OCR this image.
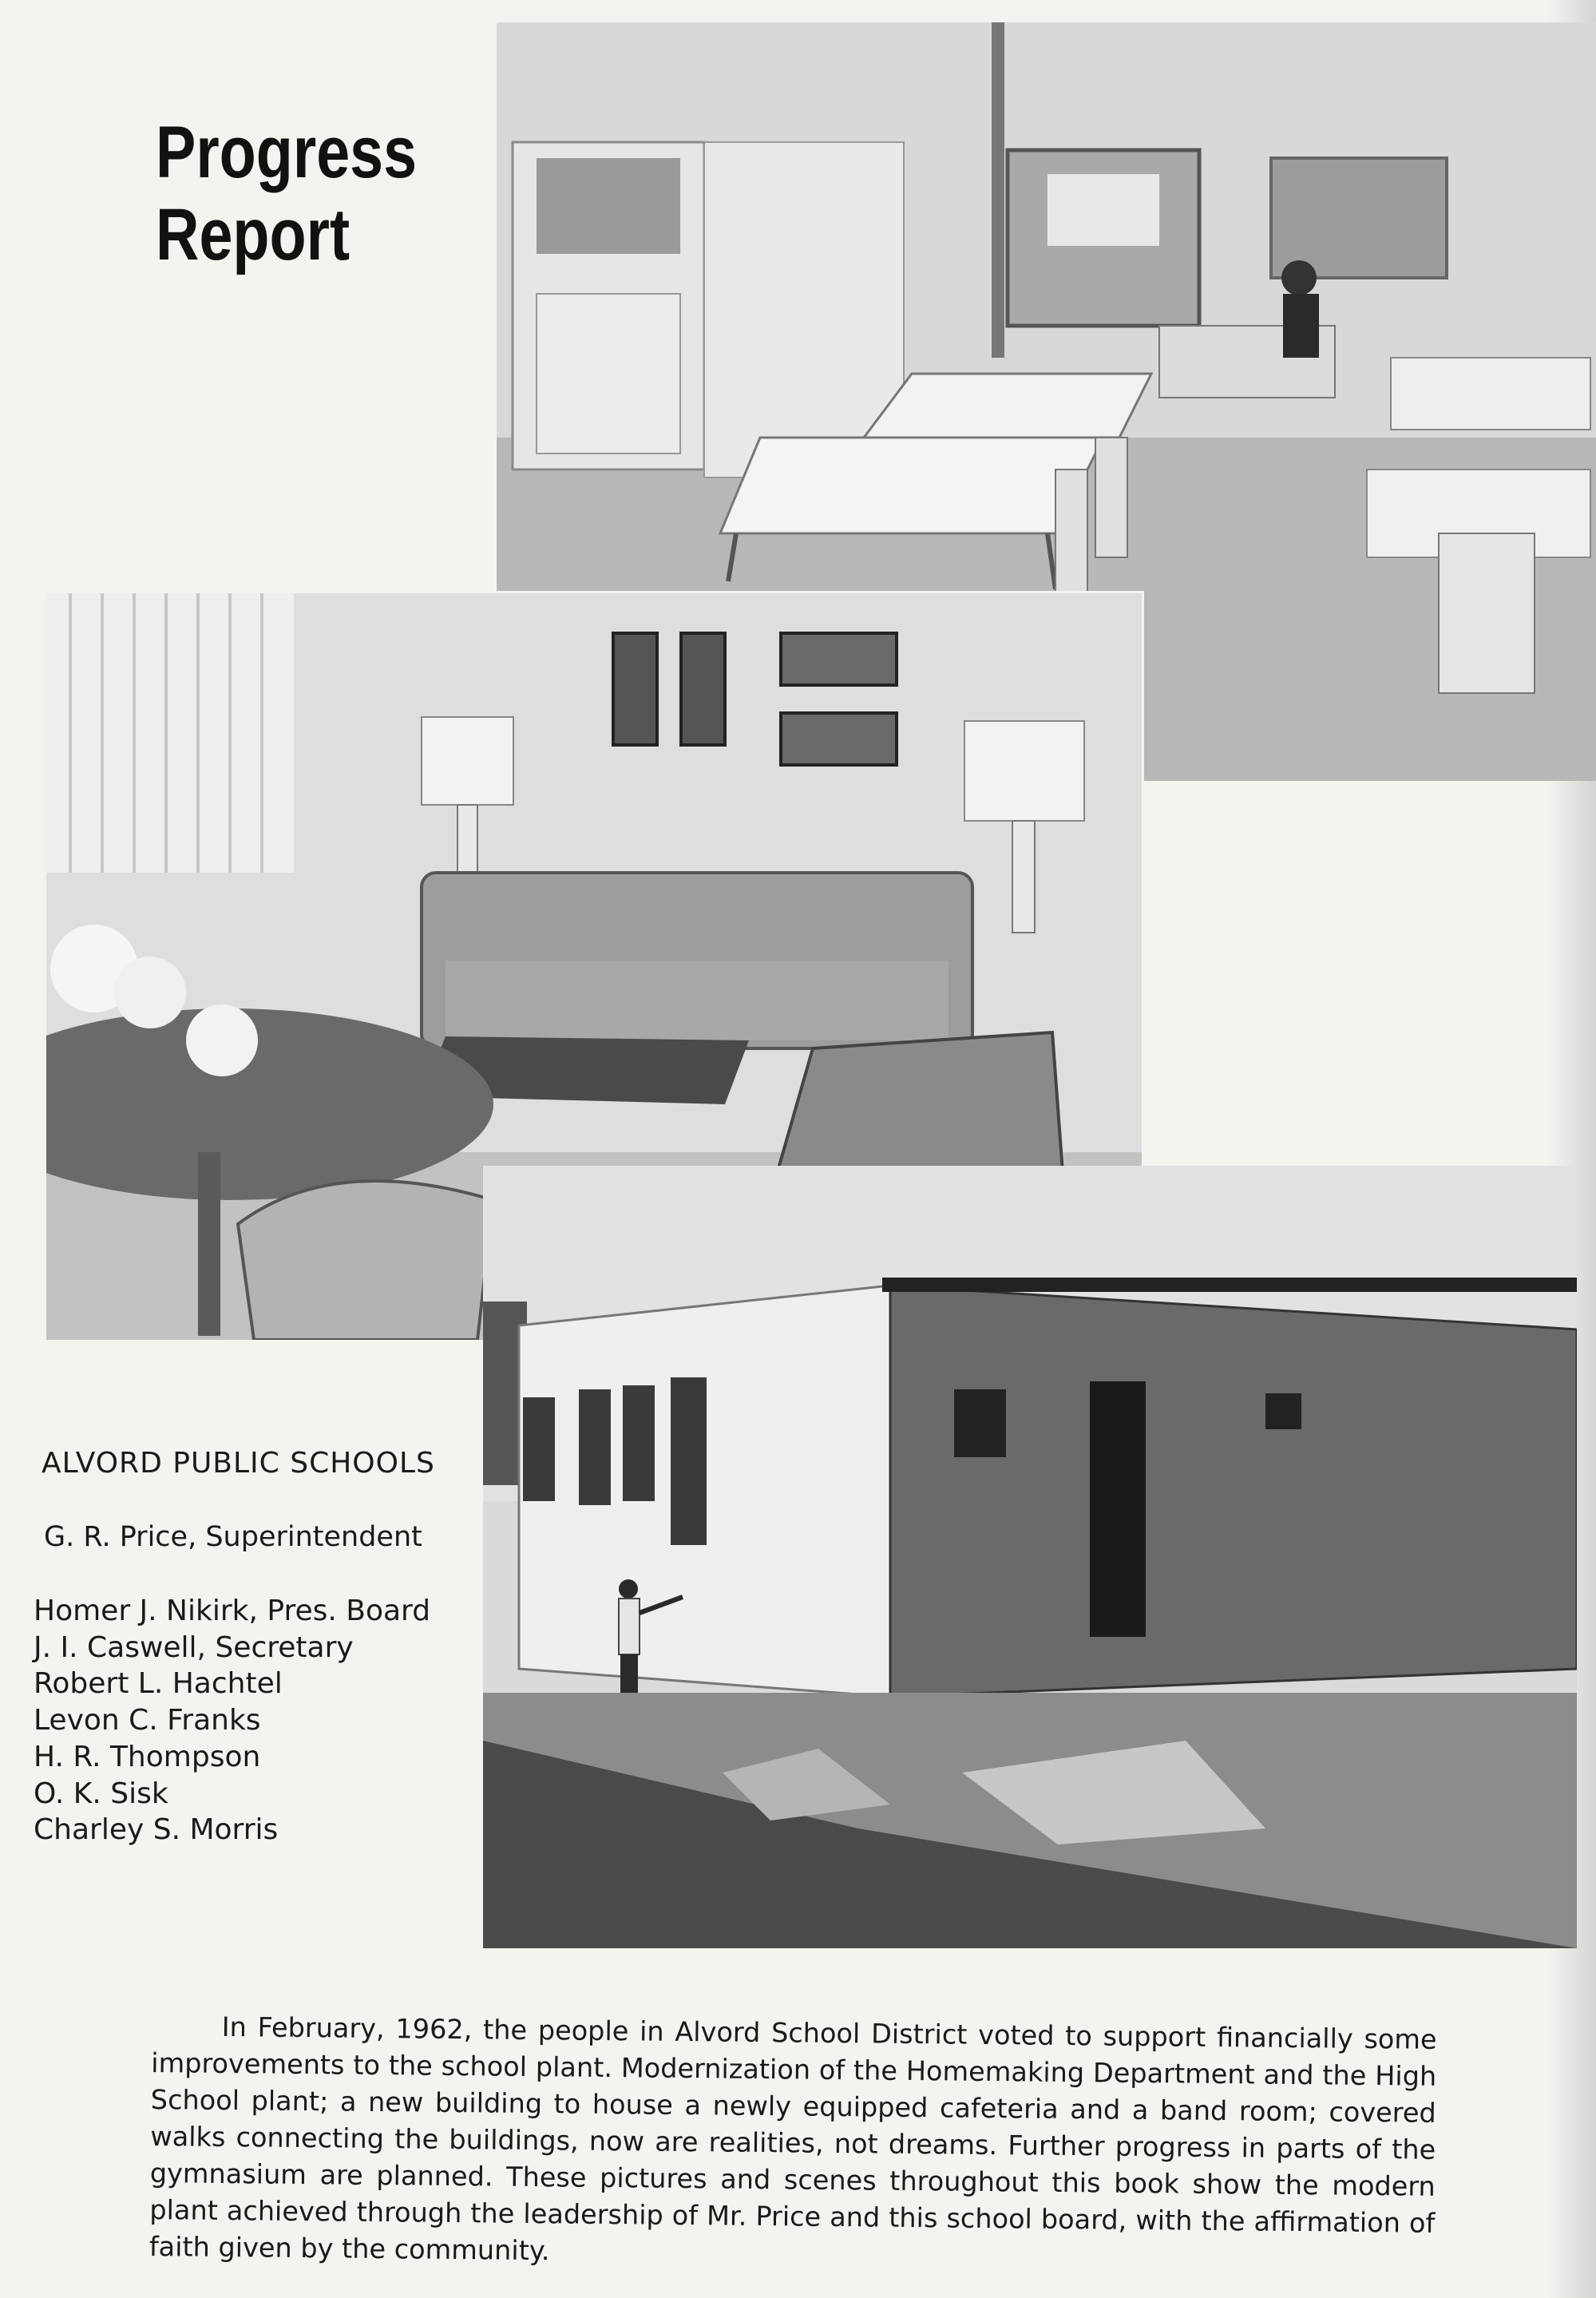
Progress
Report
ALVORD PUBLIC SCHOOLS
G. R. Price, Superintendent
Homer J. Nikirk, Pres. Board
J. I. Caswell, Secretary
Robert L. Hachtel
Levon C. Franks
H. R. Thompson
O. K. Sisk
Charley S. Morris

In February, 1962, the people in Alvord School District voted to support financially some improvements to the school plant. Modernization of the Homemaking Department and the High School plant; a new building to house a newly equipped cafeteria and a band room; covered walks connecting the buildings, now are realities, not dreams. Further progress in parts of the gymnasium are planned. These pictures and scenes throughout this book show the modern plant achieved through the leadership of Mr. Price and this school board, with the affirmation of faith given by the community.
